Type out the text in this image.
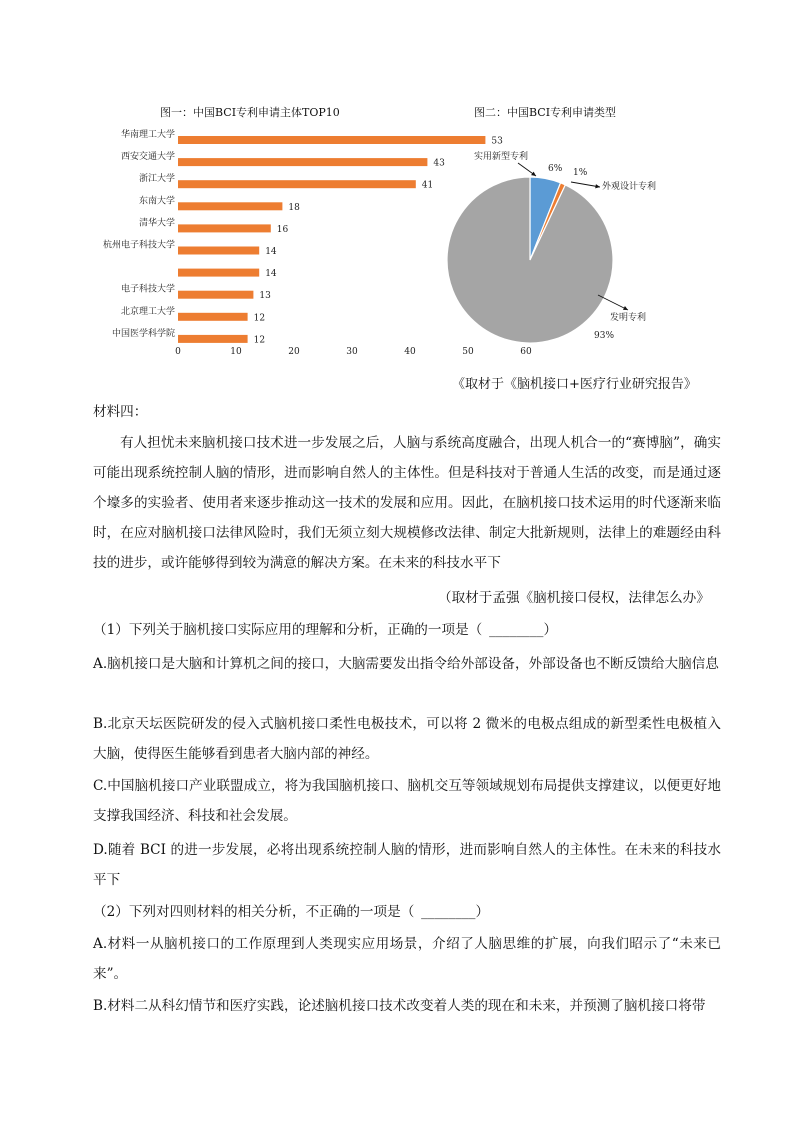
图一：中国BCI专利申请主体TOP10
53
华南理工大学
43
西安交通大学
41
浙江大学
18
东南大学
16
清华大学
14
杭州电子科技大学
14
13
电子科技大学
12
北京理工大学
12
中国医学科学院
0	10	20	30	40	50	60
图二：中国BCI专利申请类型
实用新型专利
6% 1%
外观设计专利
发明专利
93%
《取材于《脑机接口+医疗行业研究报告》
材料四：
有人担忧未来脑机接口技术进一步发展之后，人脑与系统高度融合，出现人机合一的“赛博脑”，确实可能出现系统控制人脑的情形，进而影响自然人的主体性。但是科技对于普通人生活的改变，而是通过逐个壕多的实验者、使用者来逐步推动这一技术的发展和应用。因此，在脑机接口技术运用的时代逐渐来临时，在应对脑机接口法律风险时，我们无须立刻大规模修改法律、制定大批新规则，法律上的难题经由科技的进步，或许能够得到较为满意的解决方案。在未来的科技水平下
（取材于孟强《脑机接口侵权，法律怎么办》
（1）下列关于脑机接口实际应用的理解和分析，正确的一项是（ ________）
A.脑机接口是大脑和计算机之间的接口，大脑需要发出指令给外部设备，外部设备也不断反馈给大脑信息
B.北京天坛医院研发的侵入式脑机接口柔性电极技术，可以将 2 微米的电极点组成的新型柔性电极植入大脑，使得医生能够看到患者大脑内部的神经。
C.中国脑机接口产业联盟成立，将为我国脑机接口、脑机交互等领域规划布局提供支撑建议，以便更好地支撑我国经济、科技和社会发展。
D.随着 BCI 的进一步发展，必将出现系统控制人脑的情形，进而影响自然人的主体性。在未来的科技水平下
（2）下列对四则材料的相关分析，不正确的一项是（ ________）
A.材料一从脑机接口的工作原理到人类现实应用场景，介绍了人脑思维的扩展，向我们昭示了“未来已来”。
B.材料二从科幻情节和医疗实践，论述脑机接口技术改变着人类的现在和未来，并预测了脑机接口将带
